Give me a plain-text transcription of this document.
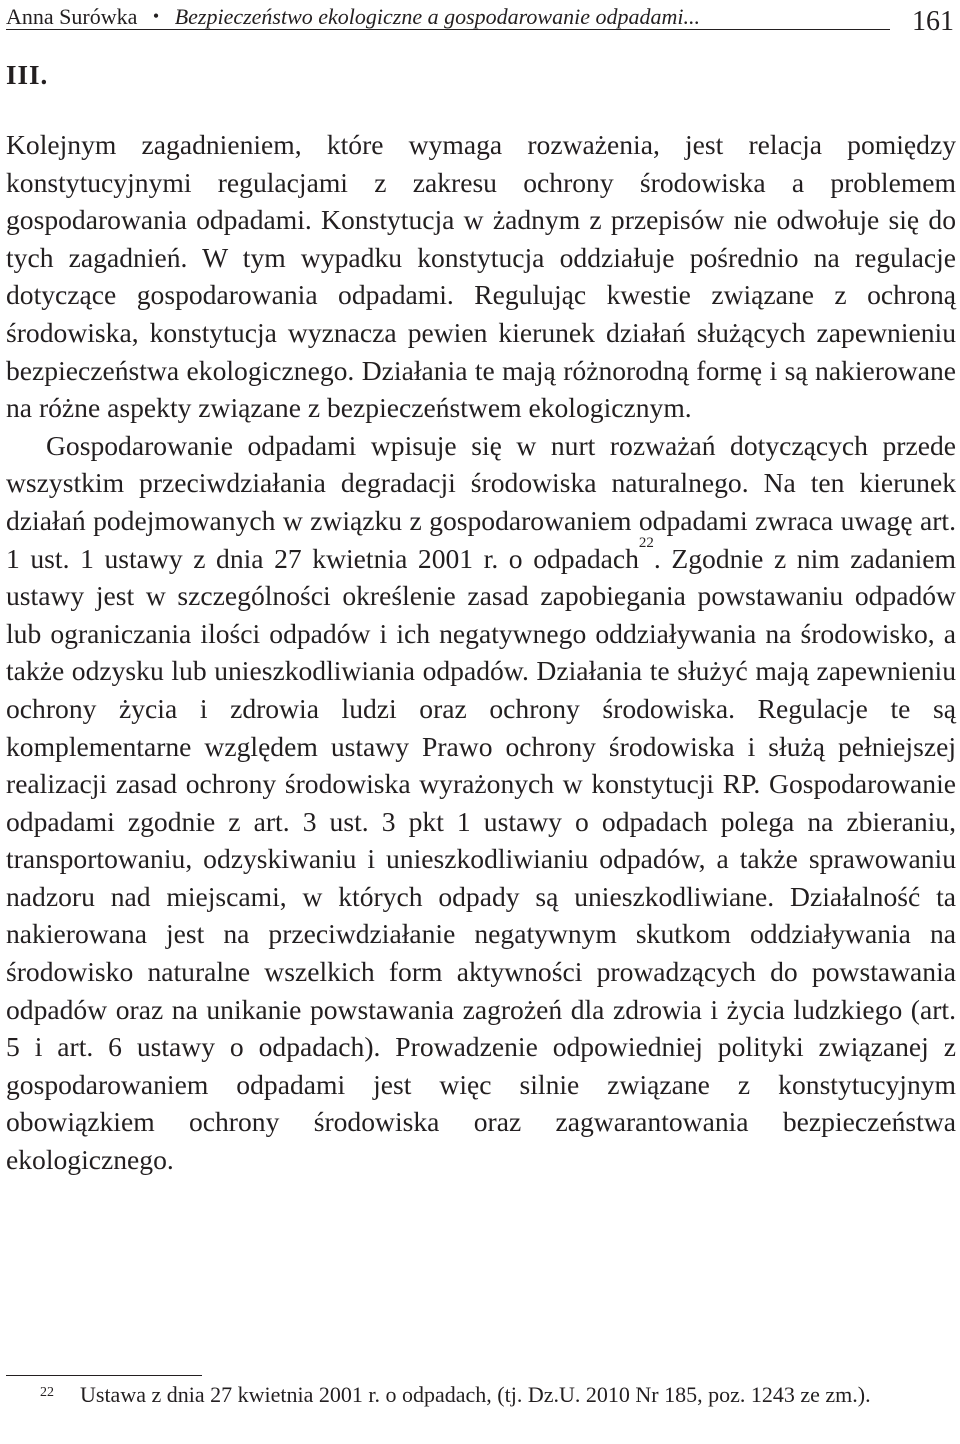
Anna Surówka • Bezpieczeństwo ekologiczne a gospodarowanie odpadami...	161
III.

Kolejnym zagadnieniem, które wymaga rozważenia, jest relacja pomiędzy konstytucyjnymi regulacjami z zakresu ochrony środowiska a problemem gospodarowania odpadami. Konstytucja w żadnym z przepisów nie odwołuje się do tych zagadnień. W tym wypadku konstytucja oddziałuje pośrednio na regulacje dotyczące gospodarowania odpadami. Regulując kwestie związane z ochroną środowiska, konstytucja wyznacza pewien kierunek działań służących zapewnieniu bezpieczeństwa ekologicznego. Działania te mają różnorodną formę i są nakierowane na różne aspekty związane z bezpieczeństwem ekologicznym.

Gospodarowanie odpadami wpisuje się w nurt rozważań dotyczących przede wszystkim przeciwdziałania degradacji środowiska naturalnego. Na ten kierunek działań podejmowanych w związku z gospodarowaniem odpadami zwraca uwagę art. 1 ust. 1 ustawy z dnia 27 kwietnia 2001 r. o odpadach$^{22}$. Zgodnie z nim zadaniem ustawy jest w szczególności określenie zasad zapobiegania powstawaniu odpadów lub ograniczania ilości odpadów i ich negatywnego oddziaływania na środowisko, a także odzysku lub unieszkodliwiania odpadów. Działania te służyć mają zapewnieniu ochrony życia i zdrowia ludzi oraz ochrony środowiska. Regulacje te są komplementarne względem ustawy Prawo ochrony środowiska i służą pełniejszej realizacji zasad ochrony środowiska wyrażonych w konstytucji RP. Gospodarowanie odpadami zgodnie z art. 3 ust. 3 pkt 1 ustawy o odpadach polega na zbieraniu, transportowaniu, odzyskiwaniu i unieszkodliwianiu odpadów, a także sprawowaniu nadzoru nad miejscami, w których odpady są unieszkodliwiane. Działalność ta nakierowana jest na przeciwdziałanie negatywnym skutkom oddziaływania na środowisko naturalne wszelkich form aktywności prowadzących do powstawania odpadów oraz na unikanie powstawania zagrożeń dla zdrowia i życia ludzkiego (art. 5 i art. 6 ustawy o odpadach). Prowadzenie odpowiedniej polityki związanej z gospodarowaniem odpadami jest więc silnie związane z konstytucyjnym obowiązkiem ochrony środowiska oraz zagwarantowania bezpieczeństwa ekologicznego.

$^{22}$ Ustawa z dnia 27 kwietnia 2001 r. o odpadach, (tj. Dz.U. 2010 Nr 185, poz. 1243 ze zm.).
